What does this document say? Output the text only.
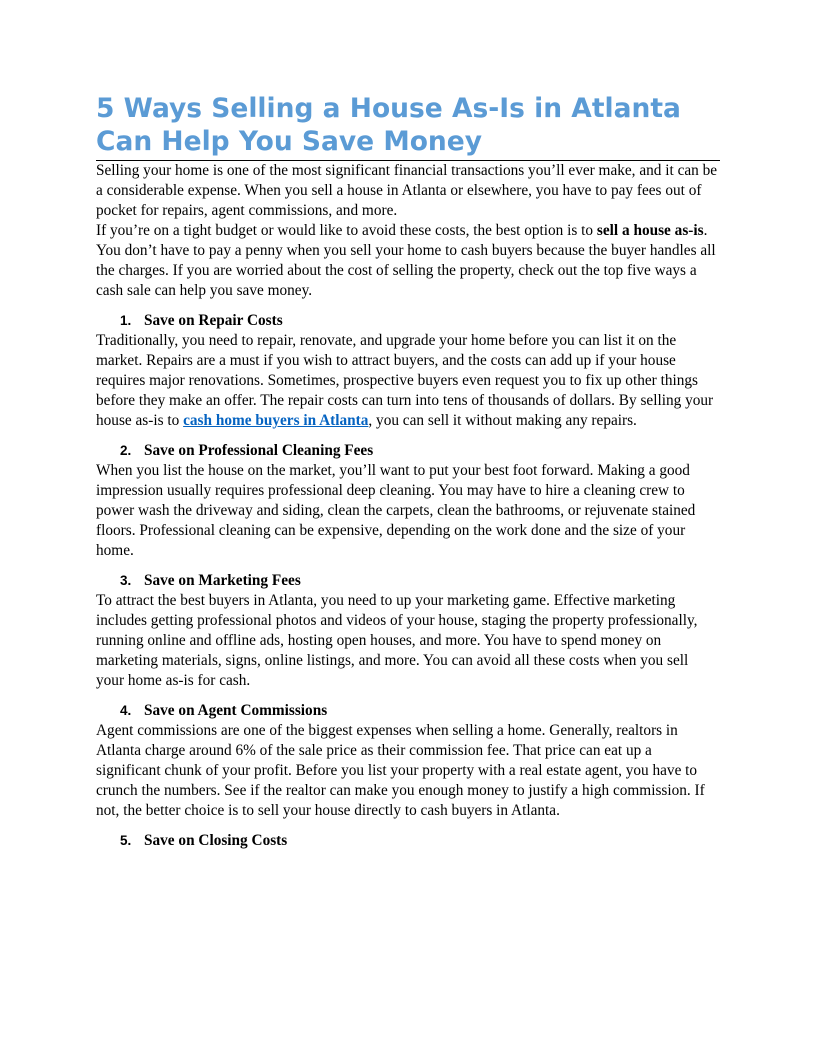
5 Ways Selling a House As-Is in Atlanta
Can Help You Save Money

Selling your home is one of the most significant financial transactions you’ll ever make, and it can be a considerable expense. When you sell a house in Atlanta or elsewhere, you have to pay fees out of pocket for repairs, agent commissions, and more.

If you’re on a tight budget or would like to avoid these costs, the best option is to sell a house as-is. You don’t have to pay a penny when you sell your home to cash buyers because the buyer handles all the charges. If you are worried about the cost of selling the property, check out the top five ways a cash sale can help you save money.

1. Save on Repair Costs

Traditionally, you need to repair, renovate, and upgrade your home before you can list it on the market. Repairs are a must if you wish to attract buyers, and the costs can add up if your house requires major renovations. Sometimes, prospective buyers even request you to fix up other things before they make an offer. The repair costs can turn into tens of thousands of dollars. By selling your house as-is to cash home buyers in Atlanta, you can sell it without making any repairs.

2. Save on Professional Cleaning Fees

When you list the house on the market, you’ll want to put your best foot forward. Making a good impression usually requires professional deep cleaning. You may have to hire a cleaning crew to power wash the driveway and siding, clean the carpets, clean the bathrooms, or rejuvenate stained floors. Professional cleaning can be expensive, depending on the work done and the size of your home.

3. Save on Marketing Fees

To attract the best buyers in Atlanta, you need to up your marketing game. Effective marketing includes getting professional photos and videos of your house, staging the property professionally, running online and offline ads, hosting open houses, and more. You have to spend money on marketing materials, signs, online listings, and more. You can avoid all these costs when you sell your home as-is for cash.

4. Save on Agent Commissions

Agent commissions are one of the biggest expenses when selling a home. Generally, realtors in Atlanta charge around 6% of the sale price as their commission fee. That price can eat up a significant chunk of your profit. Before you list your property with a real estate agent, you have to crunch the numbers. See if the realtor can make you enough money to justify a high commission. If not, the better choice is to sell your house directly to cash buyers in Atlanta.

5. Save on Closing Costs
